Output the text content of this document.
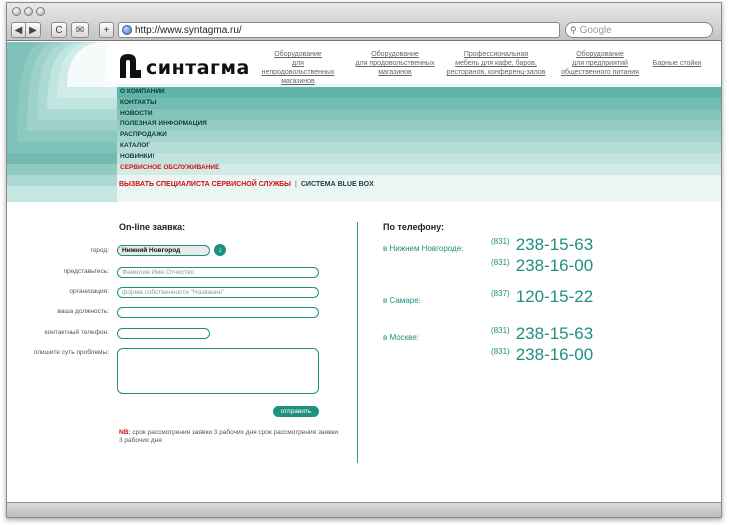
◀ ▶ C ✉ +	http://www.syntagma.ru/	⚲ Google
синтагма
Оборудование
для непродовольственных
магазинов
Оборудование
для продовольственных
магазинов
Профессиональная
мебель для кафе, баров,
ресторанов, конференц-залов
Оборудование
для предприятий
общественного питания
Барные стойки
О КОМПАНИИ
КОНТАКТЫ
НОВОСТИ
ПОЛЕЗНАЯ ИНФОРМАЦИЯ
РАСПРОДАЖИ
КАТАЛОГ
НОВИНКИ!
СЕРВИСНОЕ ОБСЛУЖИВАНИЕ
ВЫЗВАТЬ СПЕЦИАЛИСТА СЕРВИСНОЙ СЛУЖБЫ | СИСТЕМА BLUE BOX
On-line заявка:
город:	Нижний Новгород	↓
представьтесь:	Фамилия Имя Отчество
организация:	форма собственности "Название"
ваша должность:
контактный телефон:
опишите суть проблемы:
отправить
NB: срок рассмотрения заявки 3 рабочих дня срок рассмотрения заявки 3 рабочих дня
По телефону:
в Нижнем Новгороде:
(831) 238-15-63
(831) 238-16-00
в Самаре:
(837) 120-15-22
в Москве:
(831) 238-15-63
(831) 238-16-00
